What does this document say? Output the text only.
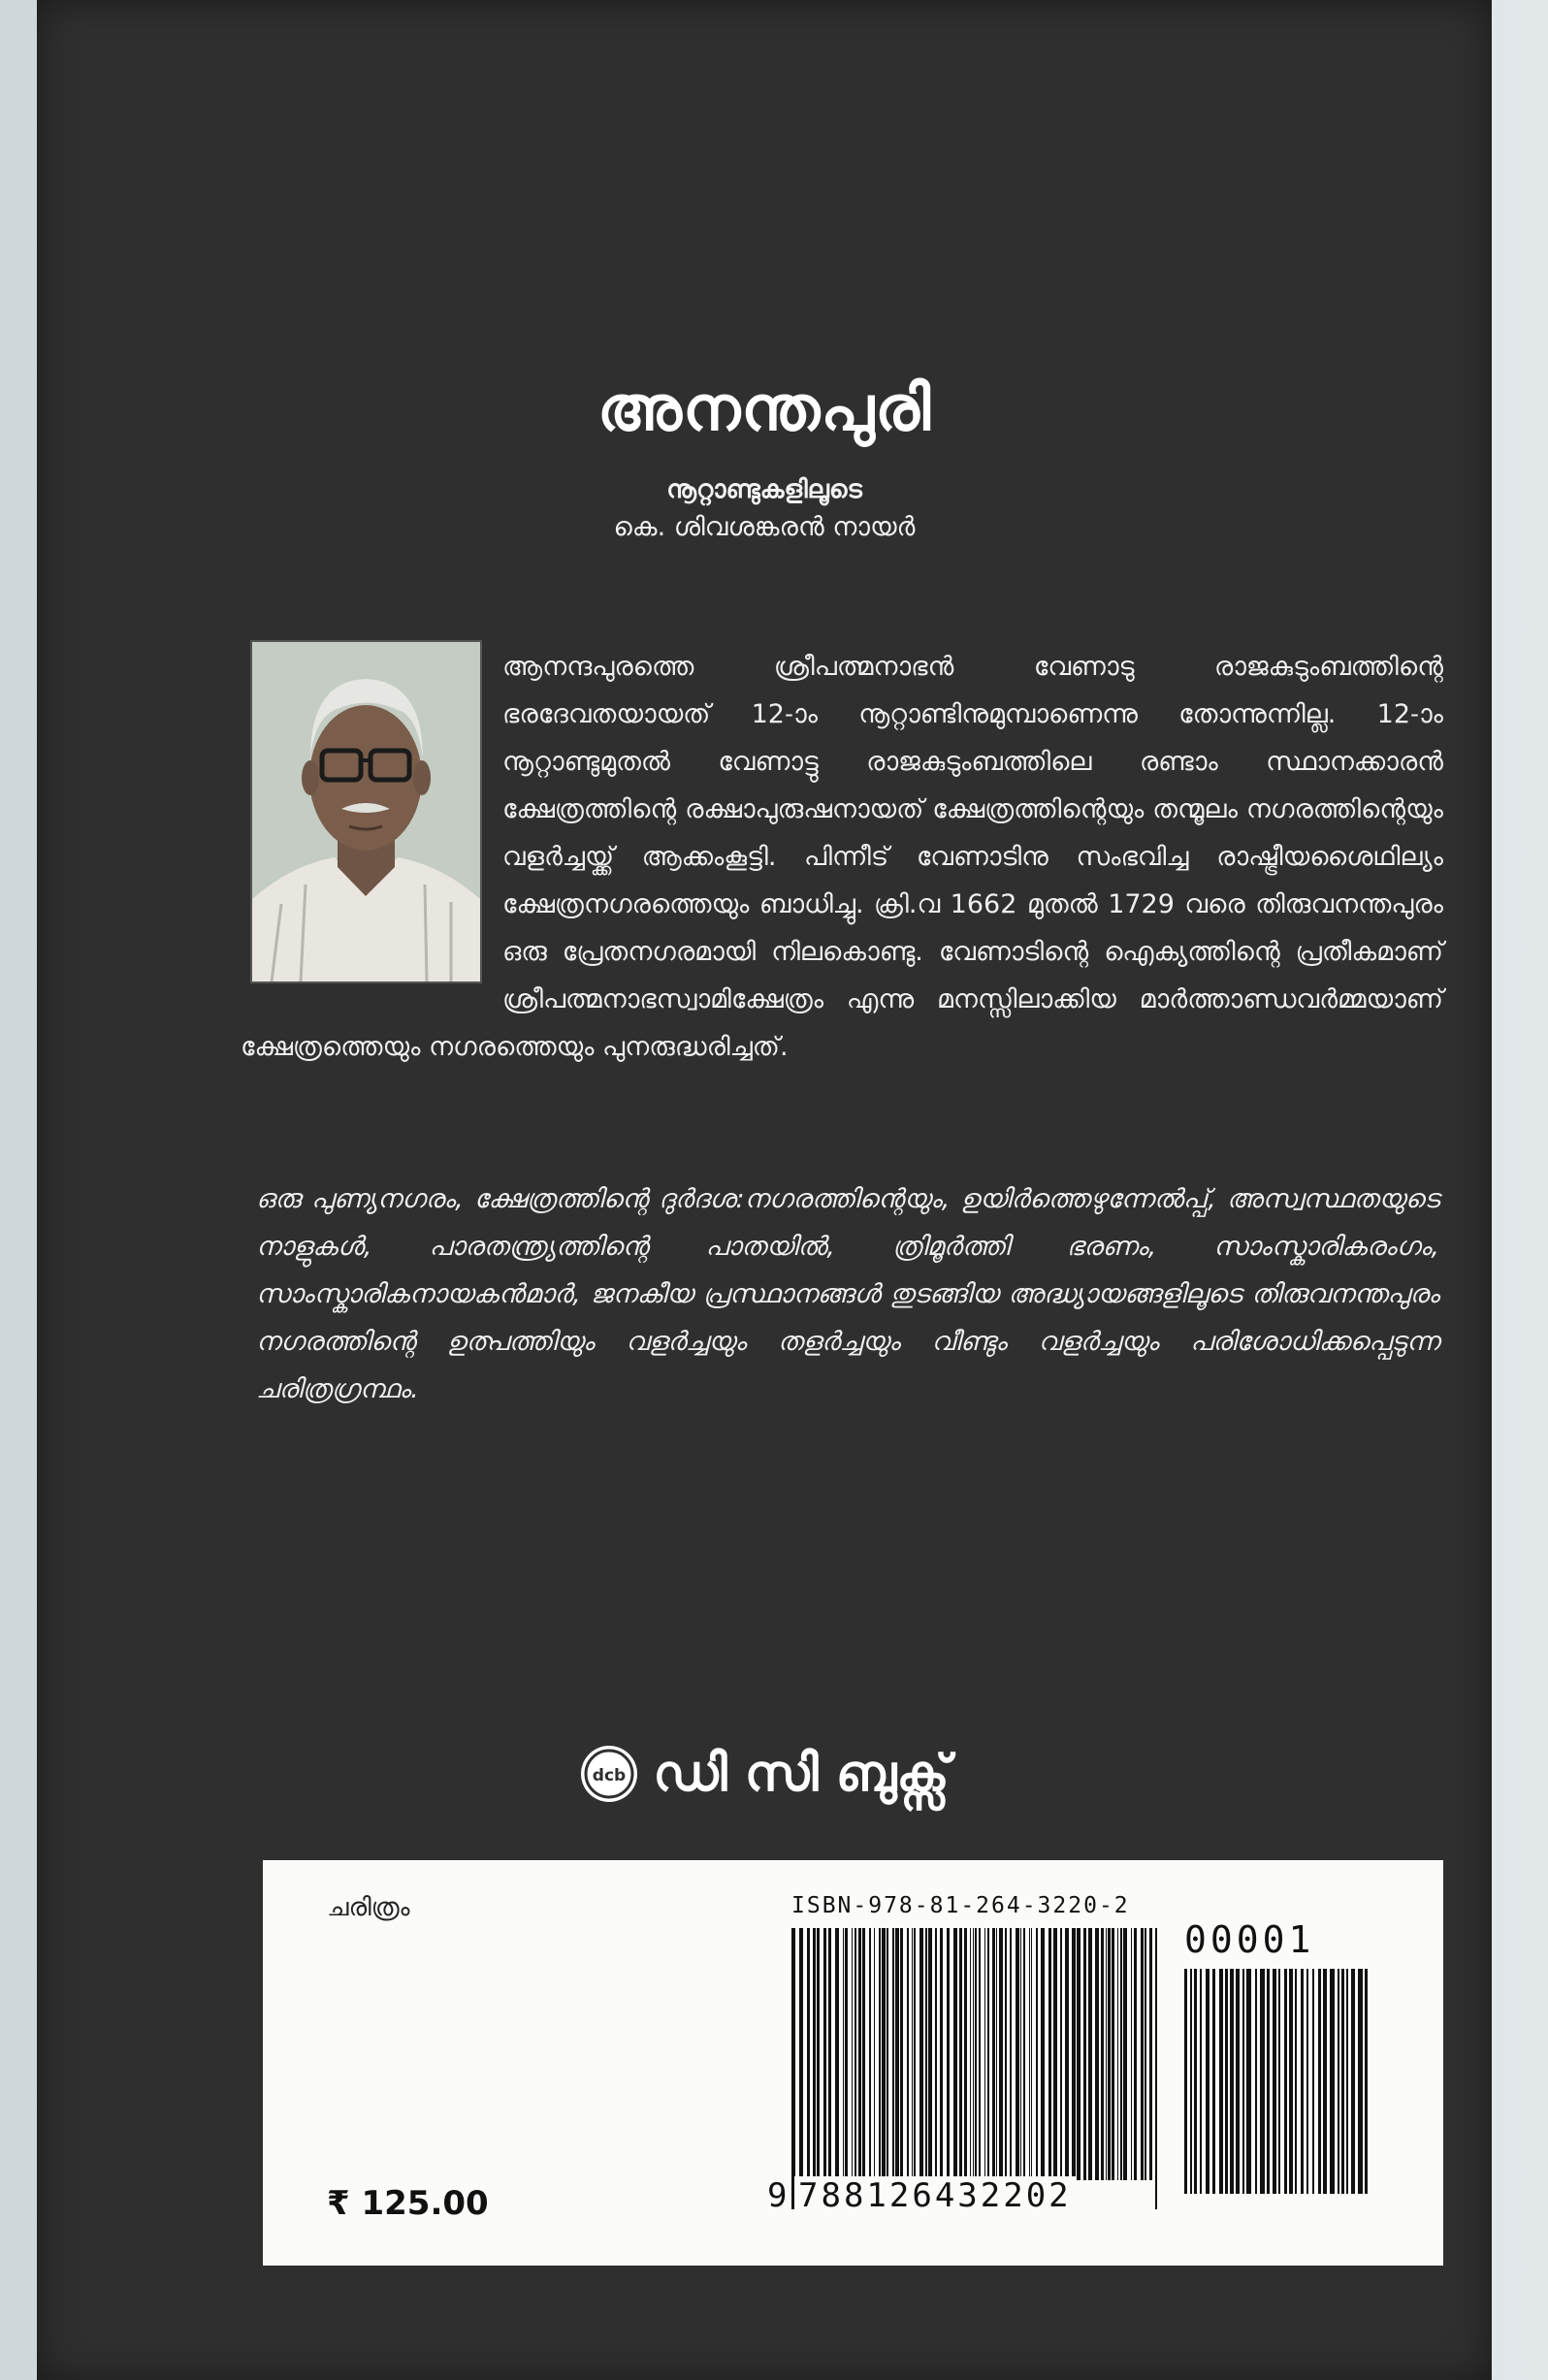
അനന്തപുരി
നൂറ്റാണ്ടുകളിലൂടെ
കെ. ശിവശങ്കരൻ നായർ

ആനന്ദപുരത്തെ ശ്രീപത്മനാഭൻ വേണാടു രാജകുടുംബത്തിന്റെ ഭരദേവതയായത് 12-ാം നൂറ്റാണ്ടിനുമുമ്പാണെന്നു തോന്നുന്നില്ല. 12-ാം നൂറ്റാണ്ടുമുതൽ വേണാട്ടു രാജകുടുംബത്തിലെ രണ്ടാം സ്ഥാനക്കാരൻ ക്ഷേത്രത്തിന്റെ രക്ഷാപുരുഷനായത് ക്ഷേത്രത്തിന്റെയും തന്മൂലം നഗരത്തിന്റെയും വളർച്ചയ്ക്ക് ആക്കംകൂട്ടി. പിന്നീട് വേണാടിനു സംഭവിച്ച രാഷ്ട്രീയശൈഥില്യം ക്ഷേത്രനഗരത്തെയും ബാധിച്ചു. ക്രി.വ 1662 മുതൽ 1729 വരെ തിരുവനന്തപുരം ഒരു പ്രേതനഗരമായി നിലകൊണ്ടു. വേണാടിന്റെ ഐക്യത്തിന്റെ പ്രതീകമാണ് ശ്രീപത്മനാഭസ്വാമിക്ഷേത്രം എന്നു മനസ്സിലാക്കിയ മാർത്താണ്ഡവർമ്മയാണ് ക്ഷേത്രത്തെയും നഗരത്തെയും പുനരുദ്ധരിച്ചത്.

ഒരു പുണ്യനഗരം, ക്ഷേത്രത്തിന്റെ ദുർദശ:നഗരത്തിന്റെയും, ഉയിർത്തെഴുന്നേൽപ്പ്, അസ്വസ്ഥതയുടെ നാളുകൾ, പാരതന്ത്ര്യത്തിന്റെ പാതയിൽ, ത്രിമൂർത്തി ഭരണം, സാംസ്കാരികരംഗം, സാംസ്കാരികനായകൻമാർ, ജനകീയ പ്രസ്ഥാനങ്ങൾ തുടങ്ങിയ അദ്ധ്യായങ്ങളിലൂടെ തിരുവനന്തപുരം നഗരത്തിന്റെ ഉത്പത്തിയും വളർച്ചയും തളർച്ചയും വീണ്ടും വളർച്ചയും പരിശോധിക്കപ്പെടുന്ന ചരിത്രഗ്രന്ഥം.

dcb ഡി സി ബുക്സ്
ചരിത്രം	ISBN-978-81-264-3220-2
00001
9 788126432202
₹ 125.00
